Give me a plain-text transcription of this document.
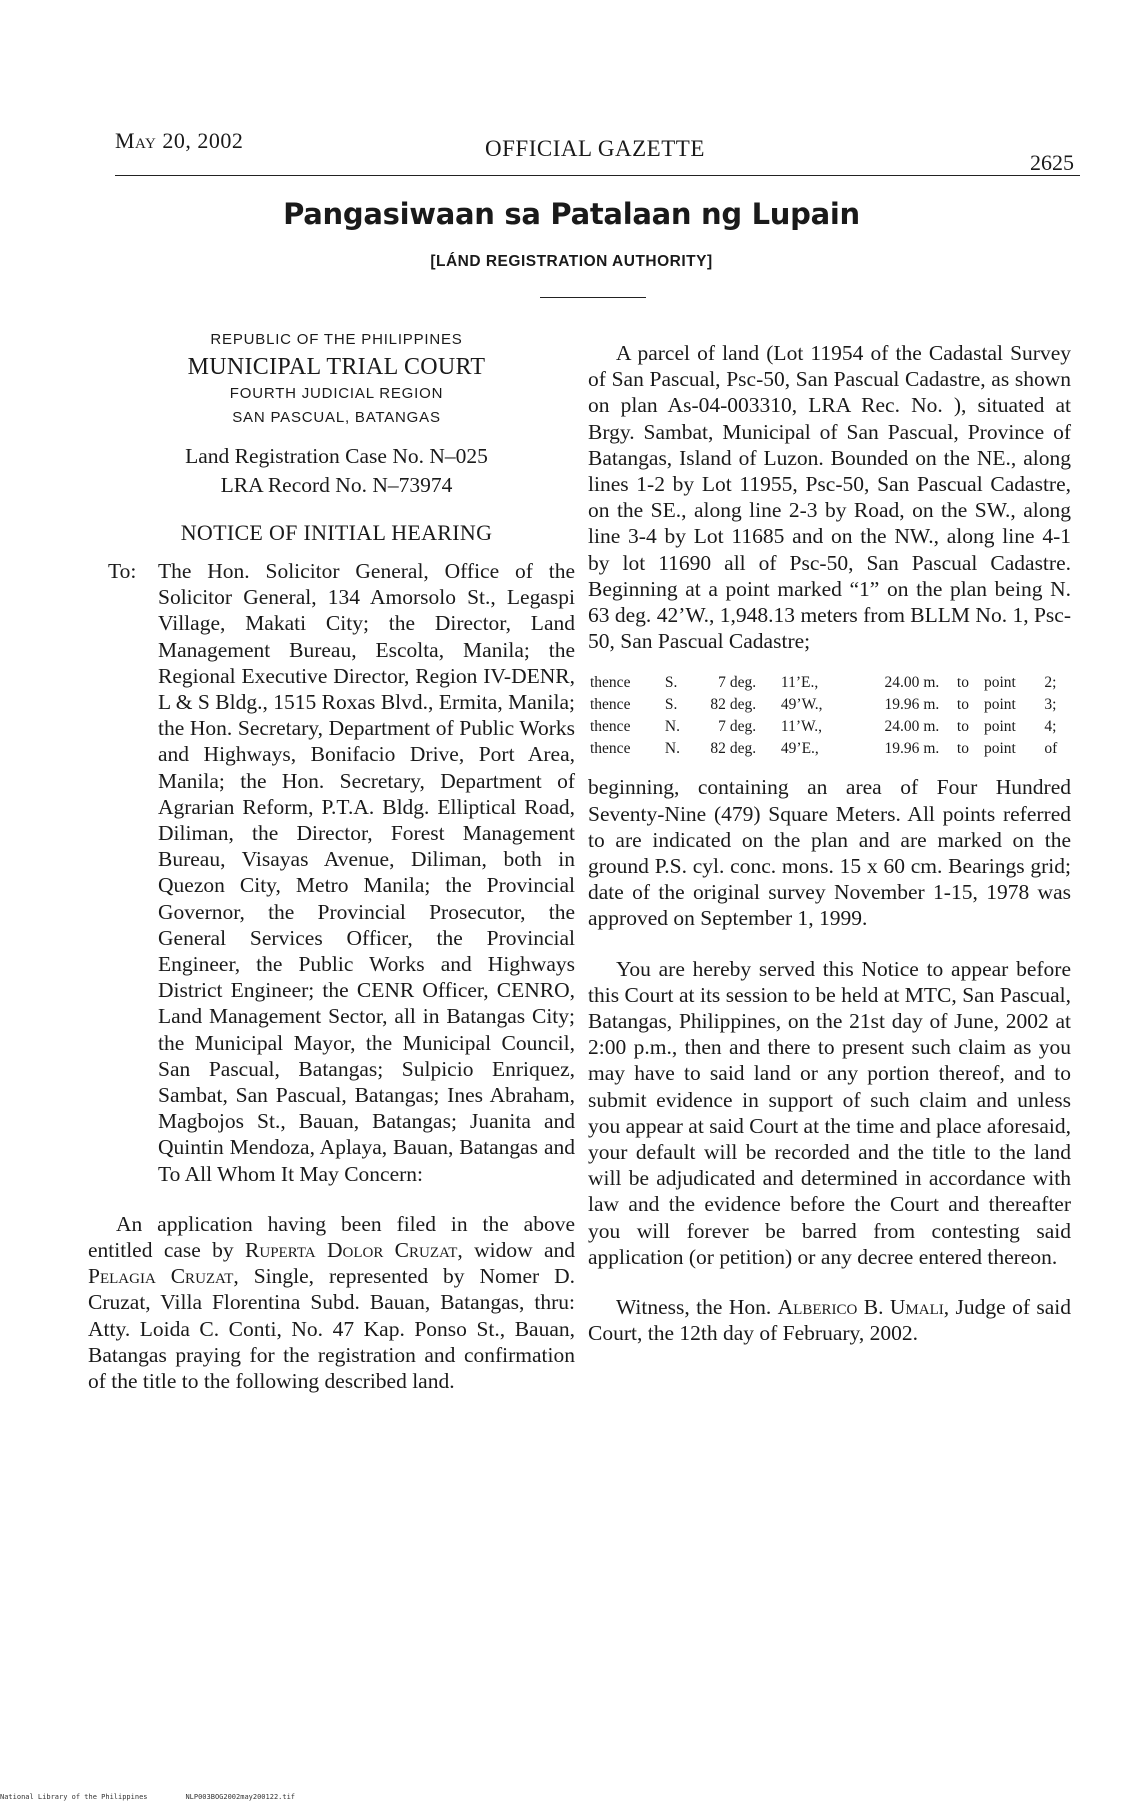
May 20, 2002	OFFICIAL GAZETTE
2625
Pangasiwaan sa Patalaan ng Lupain
[LÁND REGISTRATION AUTHORITY]
REPUBLIC OF THE PHILIPPINES
MUNICIPAL TRIAL COURT
FOURTH JUDICIAL REGION
SAN PASCUAL, BATANGAS
Land Registration Case No. N–025
LRA Record No. N–73974
NOTICE OF INITIAL HEARING
To: The Hon. Solicitor General, Office of the Solicitor General, 134 Amorsolo St., Legaspi Village, Makati City; the Director, Land Management Bureau, Escolta, Manila; the Regional Executive Director, Region IV-DENR, L & S Bldg., 1515 Roxas Blvd., Ermita, Manila; the Hon. Secretary, Department of Public Works and Highways, Bonifacio Drive, Port Area, Manila; the Hon. Secretary, Department of Agrarian Reform, P.T.A. Bldg. Elliptical Road, Diliman, the Director, Forest Management Bureau, Visayas Avenue, Diliman, both in Quezon City, Metro Manila; the Provincial Governor, the Provincial Prosecutor, the General Services Officer, the Provincial Engineer, the Public Works and Highways District Engineer; the CENR Officer, CENRO, Land Management Sector, all in Batangas City; the Municipal Mayor, the Municipal Council, San Pascual, Batangas; Sulpicio Enriquez, Sambat, San Pascual, Batangas; Ines Abraham, Magbojos St., Bauan, Batangas; Juanita and Quintin Mendoza, Aplaya, Bauan, Batangas and To All Whom It May Concern:

An application having been filed in the above entitled case by Ruperta Dolor Cruzat, widow and Pelagia Cruzat, Single, represented by Nomer D. Cruzat, Villa Florentina Subd. Bauan, Batangas, thru: Atty. Loida C. Conti, No. 47 Kap. Ponso St., Bauan, Batangas praying for the registration and confirmation of the title to the following described land.

A parcel of land (Lot 11954 of the Cadastal Survey of San Pascual, Psc-50, San Pascual Cadastre, as shown on plan As-04-003310, LRA Rec. No. ), situated at Brgy. Sambat, Municipal of San Pascual, Province of Batangas, Island of Luzon. Bounded on the NE., along lines 1-2 by Lot 11955, Psc-50, San Pascual Cadastre, on the SE., along line 2-3 by Road, on the SW., along line 3-4 by Lot 11685 and on the NW., along line 4-1 by lot 11690 all of Psc-50, San Pascual Cadastre. Beginning at a point marked “1” on the plan being N. 63 deg. 42’W., 1,948.13 meters from BLLM No. 1, Psc-50, San Pascual Cadastre;

thence	S.	7	deg.	11’E.,	24.00	m.	to	point	2;
thence	S.	82	deg.	49’W.,	19.96	m.	to	point	3;
thence	N.	7	deg.	11’W.,	24.00	m.	to	point	4;
thence	N.	82	deg.	49’E.,	19.96	m.	to	point	of

beginning, containing an area of Four Hundred Seventy-Nine (479) Square Meters. All points referred to are indicated on the plan and are marked on the ground P.S. cyl. conc. mons. 15 x 60 cm. Bearings grid; date of the original survey November 1-15, 1978 was approved on September 1, 1999.

You are hereby served this Notice to appear before this Court at its session to be held at MTC, San Pascual, Batangas, Philippines, on the 21st day of June, 2002 at 2:00 p.m., then and there to present such claim as you may have to said land or any portion thereof, and to submit evidence in support of such claim and unless you appear at said Court at the time and place aforesaid, your default will be recorded and the title to the land will be adjudicated and determined in accordance with law and the evidence before the Court and thereafter you will forever be barred from contesting said application (or petition) or any decree entered thereon.

Witness, the Hon. Alberico B. Umali, Judge of said Court, the 12th day of February, 2002.

National Library of the Philippines	NLP003BOG2002may200122.tif
